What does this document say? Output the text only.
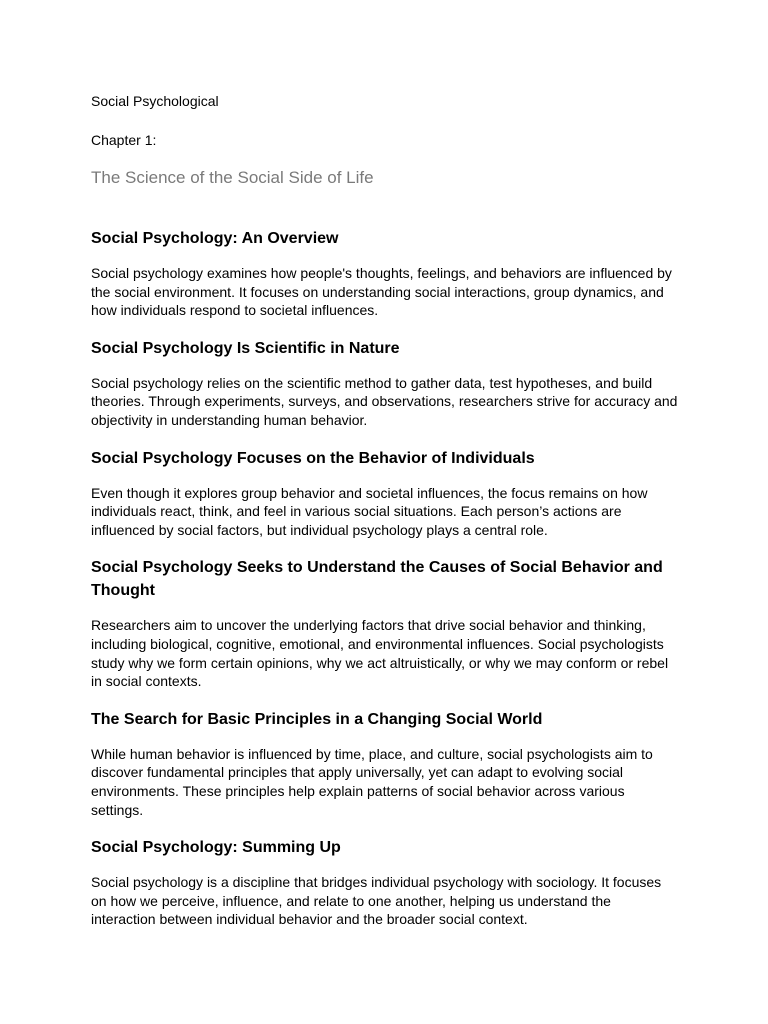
Social Psychological

Chapter 1:

The Science of the Social Side of Life
Social Psychology: An Overview

Social psychology examines how people's thoughts, feelings, and behaviors are influenced by the social environment. It focuses on understanding social interactions, group dynamics, and how individuals respond to societal influences.

Social Psychology Is Scientific in Nature

Social psychology relies on the scientific method to gather data, test hypotheses, and build theories. Through experiments, surveys, and observations, researchers strive for accuracy and objectivity in understanding human behavior.

Social Psychology Focuses on the Behavior of Individuals

Even though it explores group behavior and societal influences, the focus remains on how individuals react, think, and feel in various social situations. Each person’s actions are influenced by social factors, but individual psychology plays a central role.

Social Psychology Seeks to Understand the Causes of Social Behavior and Thought

Researchers aim to uncover the underlying factors that drive social behavior and thinking, including biological, cognitive, emotional, and environmental influences. Social psychologists study why we form certain opinions, why we act altruistically, or why we may conform or rebel in social contexts.

The Search for Basic Principles in a Changing Social World

While human behavior is influenced by time, place, and culture, social psychologists aim to discover fundamental principles that apply universally, yet can adapt to evolving social environments. These principles help explain patterns of social behavior across various settings.

Social Psychology: Summing Up

Social psychology is a discipline that bridges individual psychology with sociology. It focuses on how we perceive, influence, and relate to one another, helping us understand the interaction between individual behavior and the broader social context.
